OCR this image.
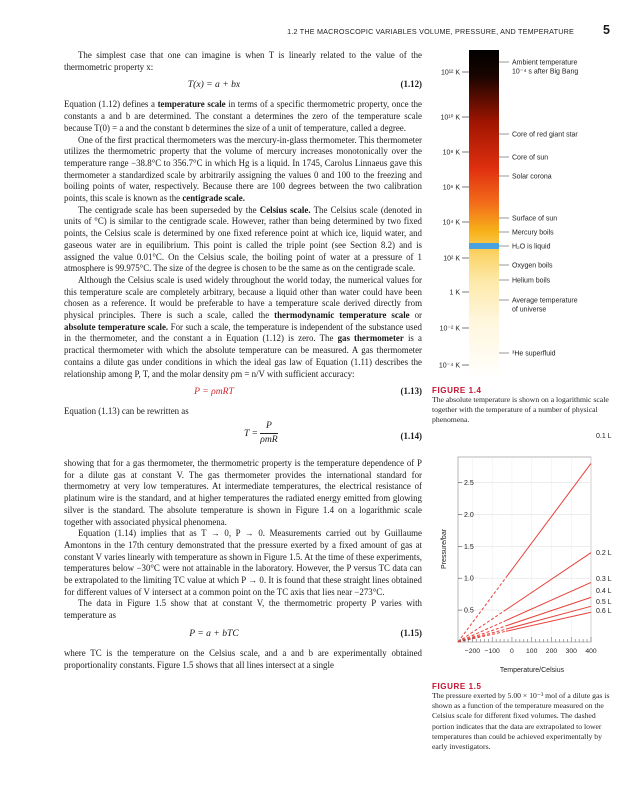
1.2 THE MACROSCOPIC VARIABLES VOLUME, PRESSURE, AND TEMPERATURE 5

The simplest case that one can imagine is when T is linearly related to the value of the thermometric property x:

T(x) = a + bx	(1.12)

Equation (1.12) defines a temperature scale in terms of a specific thermometric property, once the constants a and b are determined. The constant a determines the zero of the temperature scale because T(0) = a and the constant b determines the size of a unit of temperature, called a degree.

One of the first practical thermometers was the mercury-in-glass thermometer. This thermometer utilizes the thermometric property that the volume of mercury increases monotonically over the temperature range −38.8°C to 356.7°C in which Hg is a liquid. In 1745, Carolus Linnaeus gave this thermometer a standardized scale by arbitrarily assigning the values 0 and 100 to the freezing and boiling points of water, respectively. Because there are 100 degrees between the two calibration points, this scale is known as the centigrade scale.

The centigrade scale has been superseded by the Celsius scale. The Celsius scale (denoted in units of °C) is similar to the centigrade scale. However, rather than being determined by two fixed points, the Celsius scale is determined by one fixed reference point at which ice, liquid water, and gaseous water are in equilibrium. This point is called the triple point (see Section 8.2) and is assigned the value 0.01°C. On the Celsius scale, the boiling point of water at a pressure of 1 atmosphere is 99.975°C. The size of the degree is chosen to be the same as on the centigrade scale.

Although the Celsius scale is used widely throughout the world today, the numerical values for this temperature scale are completely arbitrary, because a liquid other than water could have been chosen as a reference. It would be preferable to have a temperature scale derived directly from physical principles. There is such a scale, called the thermodynamic temperature scale or absolute temperature scale. For such a scale, the temperature is independent of the substance used in the thermometer, and the constant a in Equation (1.12) is zero. The gas thermometer is a practical thermometer with which the absolute temperature can be measured. A gas thermometer contains a dilute gas under conditions in which the ideal gas law of Equation (1.11) describes the relationship among P, T, and the molar density ρm = n/V with sufficient accuracy:

P = ρmRT	(1.13)

Equation (1.13) can be rewritten as

T =
P
ρmR	(1.14)

showing that for a gas thermometer, the thermometric property is the temperature dependence of P for a dilute gas at constant V. The gas thermometer provides the international standard for thermometry at very low temperatures. At intermediate temperatures, the electrical resistance of platinum wire is the standard, and at higher temperatures the radiated energy emitted from glowing silver is the standard. The absolute temperature is shown in Figure 1.4 on a logarithmic scale together with associated physical phenomena.

Equation (1.14) implies that as T → 0, P → 0. Measurements carried out by Guillaume Amontons in the 17th century demonstrated that the pressure exerted by a fixed amount of gas at constant V varies linearly with temperature as shown in Figure 1.5. At the time of these experiments, temperatures below −30°C were not attainable in the laboratory. However, the P versus TC data can be extrapolated to the limiting TC value at which P → 0. It is found that these straight lines obtained for different values of V intersect at a common point on the TC axis that lies near −273°C.

The data in Figure 1.5 show that at constant V, the thermometric property P varies with temperature as

P = a + bTC	(1.15)

where TC is the temperature on the Celsius scale, and a and b are experimentally obtained proportionality constants. Figure 1.5 shows that all lines intersect at a single

10¹² K
10¹⁰ K
10⁸ K
10⁶ K
10⁴ K
10² K
1 K
10⁻² K
10⁻⁴ K
Ambient temperature
10⁻⁴ s after Big Bang
Core of red giant star
Core of sun
Solar corona
Surface of sun
Mercury boils
H₂O is liquid
Oxygen boils
Helium boils
Average temperature
of universe
³He superfluid
FIGURE 1.4
The absolute temperature is shown on a logarithmic scale together with the temperature of a number of physical phenomena.
0.1 L
0.2 L
0.3 L
0.4 L
0.5 L
0.6 L
0.5
1.0
1.5
2.0
2.5
−200 −100 0 100 200 300 400
Pressure/bar
Temperature/Celsius
FIGURE 1.5
The pressure exerted by 5.00 × 10⁻³ mol of a dilute gas is shown as a function of the temperature measured on the Celsius scale for different fixed volumes. The dashed portion indicates that the data are extrapolated to lower temperatures than could be achieved experimentally by early investigators.
